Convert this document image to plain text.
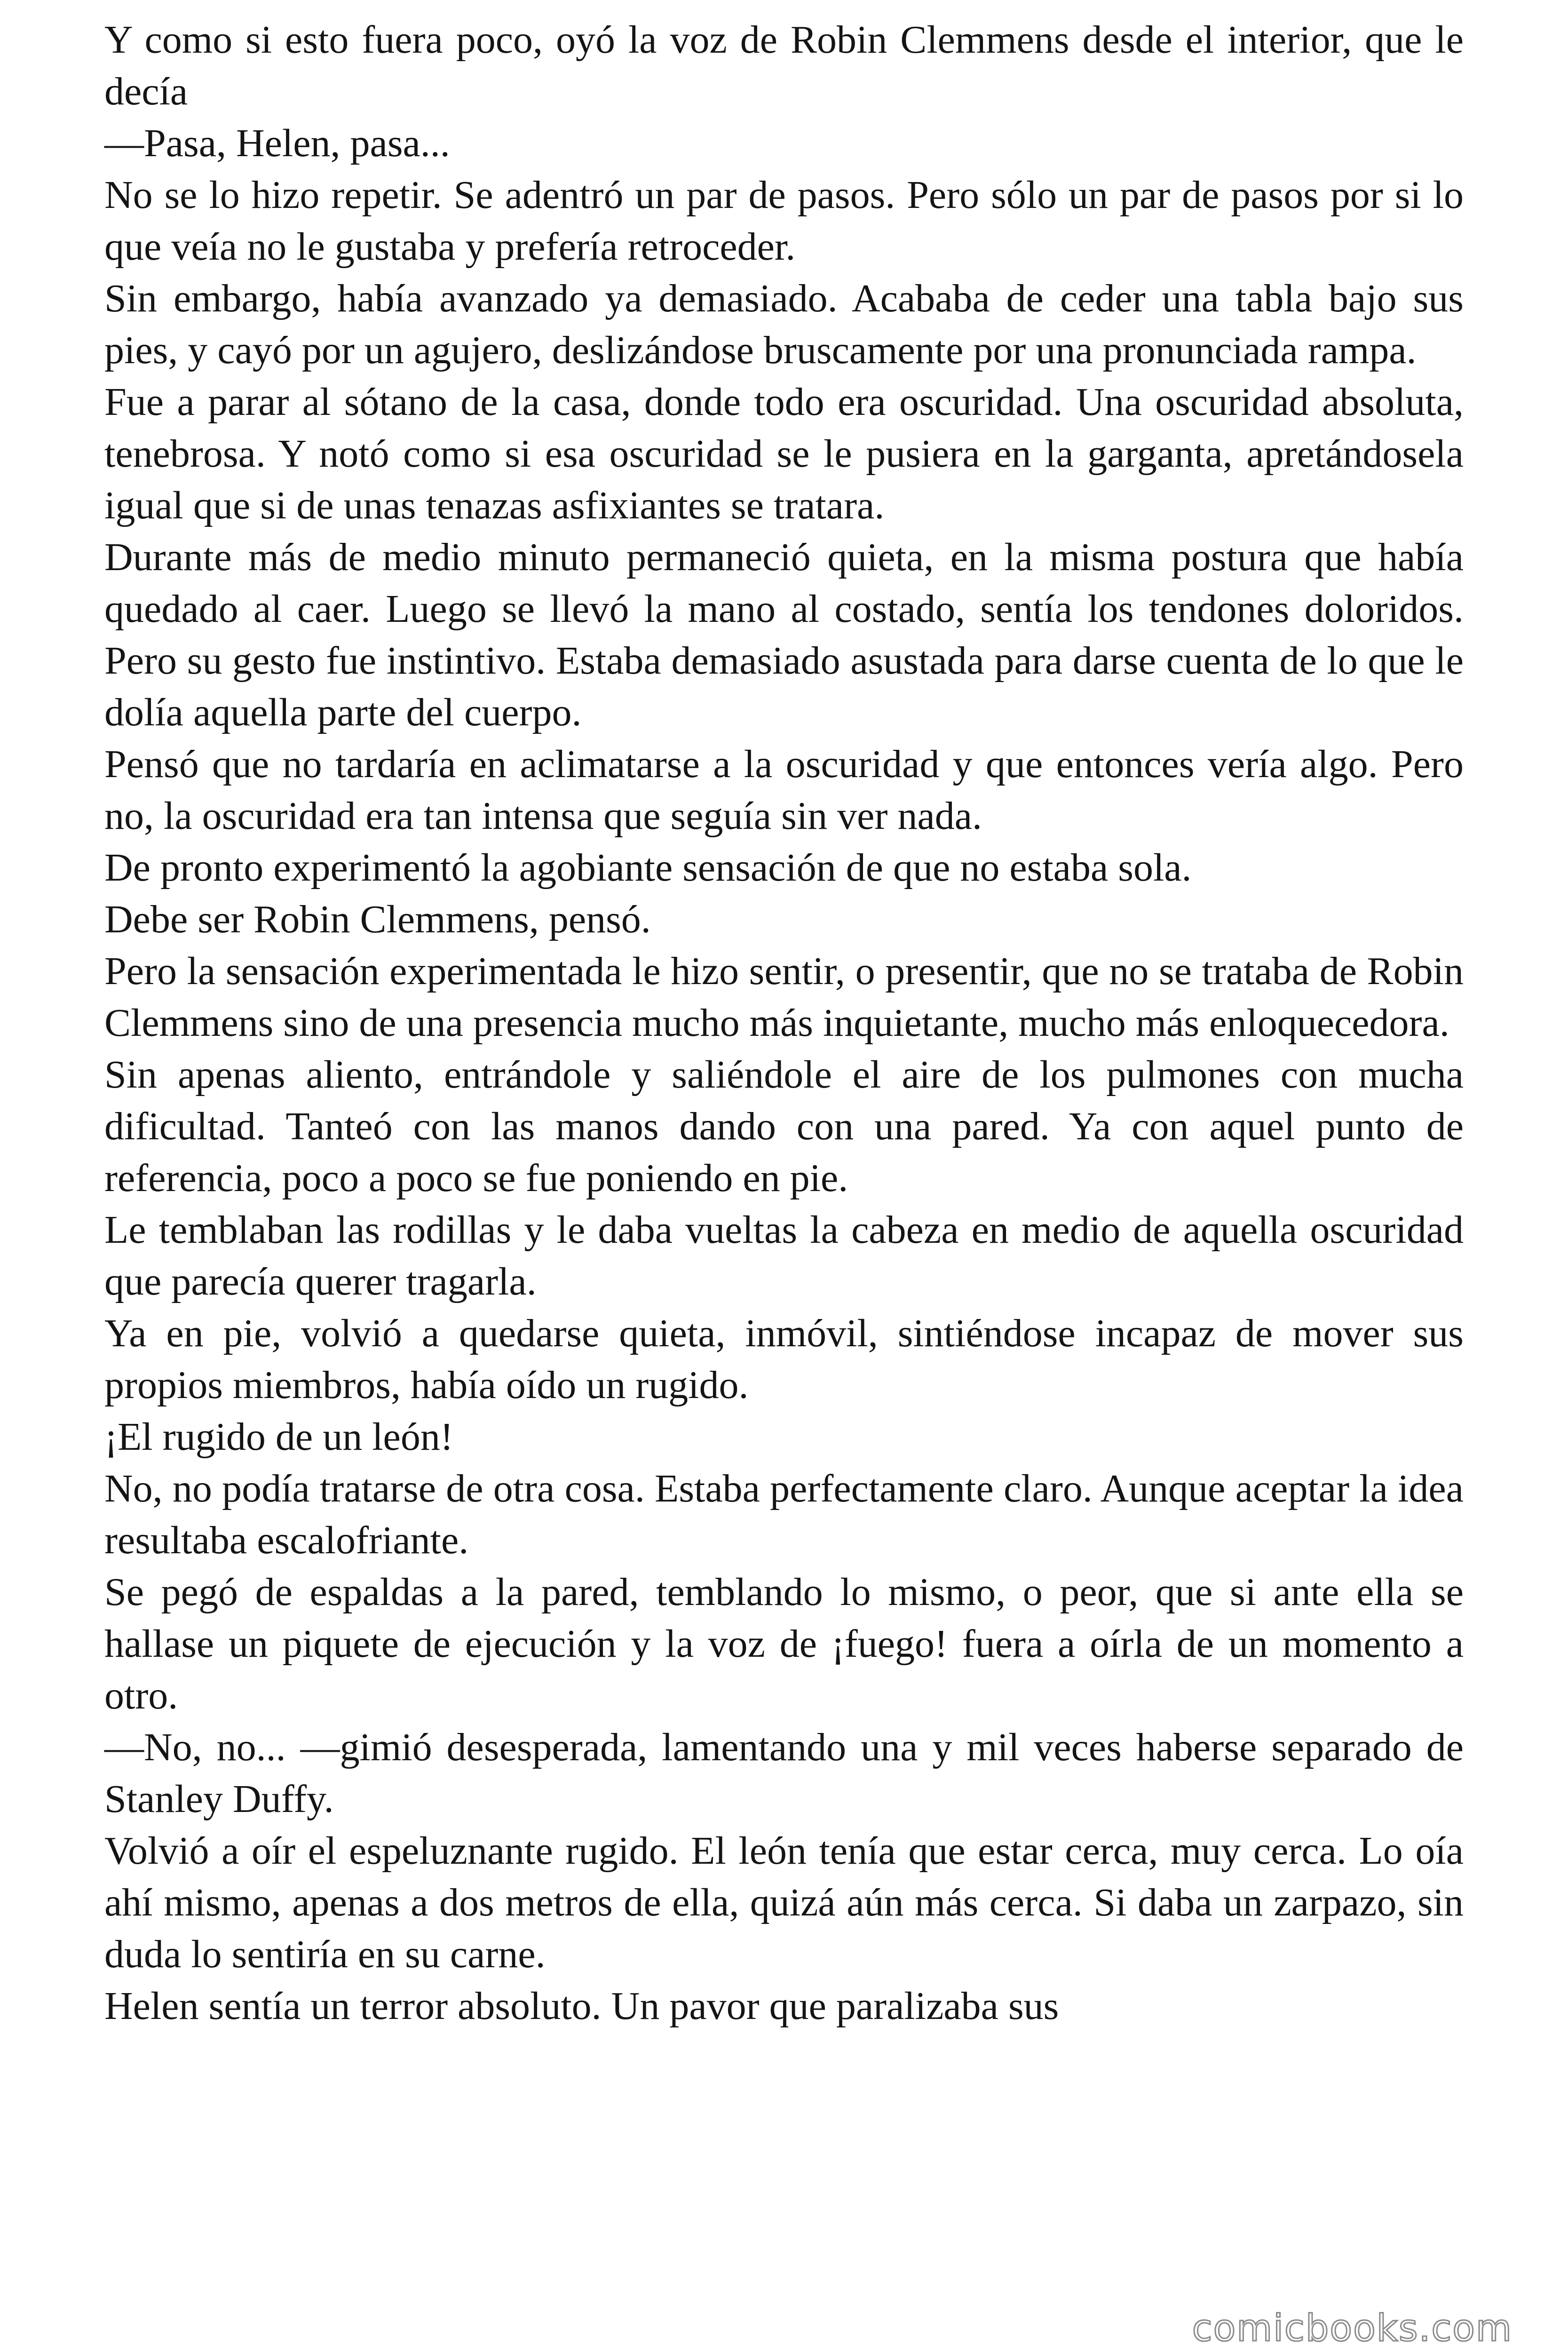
Y como si esto fuera poco, oyó la voz de Robin Clemmens desde el interior, que le decía

—Pasa, Helen, pasa...

No se lo hizo repetir. Se adentró un par de pasos. Pero sólo un par de pasos por si lo que veía no le gustaba y prefería retroceder.

Sin embargo, había avanzado ya demasiado. Acababa de ceder una tabla bajo sus pies, y cayó por un agujero, deslizándose bruscamente por una pronunciada rampa.

Fue a parar al sótano de la casa, donde todo era oscuridad. Una oscuridad absoluta, tenebrosa. Y notó como si esa oscuridad se le pusiera en la garganta, apretándosela igual que si de unas tenazas asfixiantes se tratara.

Durante más de medio minuto permaneció quieta, en la misma postura que había quedado al caer. Luego se llevó la mano al costado, sentía los tendones doloridos. Pero su gesto fue instintivo. Estaba demasiado asustada para darse cuenta de lo que le dolía aquella parte del cuerpo.

Pensó que no tardaría en aclimatarse a la oscuridad y que entonces vería algo. Pero no, la oscuridad era tan intensa que seguía sin ver nada.

De pronto experimentó la agobiante sensación de que no estaba sola.

Debe ser Robin Clemmens, pensó.

Pero la sensación experimentada le hizo sentir, o presentir, que no se trataba de Robin Clemmens sino de una presencia mucho más inquietante, mucho más enloquecedora.

Sin apenas aliento, entrándole y saliéndole el aire de los pulmones con mucha dificultad. Tanteó con las manos dando con una pared. Ya con aquel punto de referencia, poco a poco se fue poniendo en pie.

Le temblaban las rodillas y le daba vueltas la cabeza en medio de aquella oscuridad que parecía querer tragarla.

Ya en pie, volvió a quedarse quieta, inmóvil, sintiéndose incapaz de mover sus propios miembros, había oído un rugido.

¡El rugido de un león!

No, no podía tratarse de otra cosa. Estaba perfectamente claro. Aunque aceptar la idea resultaba escalofriante.

Se pegó de espaldas a la pared, temblando lo mismo, o peor, que si ante ella se hallase un piquete de ejecución y la voz de ¡fuego! fuera a oírla de un momento a otro.

—No, no... —gimió desesperada, lamentando una y mil veces haberse separado de Stanley Duffy.

Volvió a oír el espeluznante rugido. El león tenía que estar cerca, muy cerca. Lo oía ahí mismo, apenas a dos metros de ella, quizá aún más cerca. Si daba un zarpazo, sin duda lo sentiría en su carne.

Helen sentía un terror absoluto. Un pavor que paralizaba sus

comicbooks.com
